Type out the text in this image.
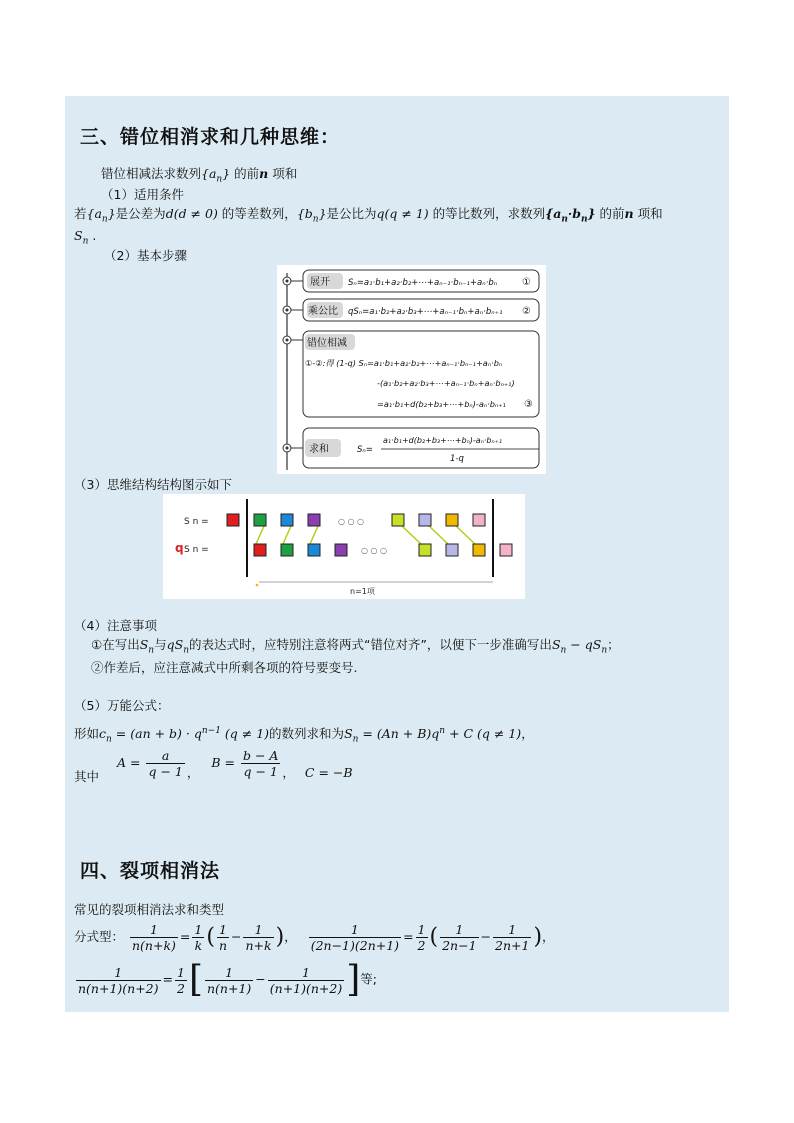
三、错位相消求和几种思维：
错位相减法求数列$\{a_n\}$ 的前n 项和
（1）适用条件
若$\{a_n\}$是公差为d(d ≠ 0) 的等差数列，$\{b_n\}$是公比为q(q ≠ 1) 的等比数列，求数列$\{a_n\cdot b_n\}$ 的前n 项和
$S_n$ .
（2）基本步骤
展开 Sₙ=a₁·b₁+a₂·b₂+⋯+aₙ₋₁·bₙ₋₁+aₙ·bₙ ①
乘公比 qSₙ=a₁·b₂+a₂·b₃+⋯+aₙ₋₁·bₙ+aₙ·bₙ₊₁ ②
错位相减
①-②:得 (1-q) Sₙ=a₁·b₁+a₂·b₂+⋯+aₙ₋₁·bₙ₋₁+aₙ·bₙ
-(a₁·b₂+a₂·b₃+⋯+aₙ₋₁·bₙ+aₙ·bₙ₊₁)
=a₁·b₁+d(b₂+b₃+⋯+bₙ)-aₙ·bₙ₊₁ ③
求和	Sₙ=
a₁·b₁+d(b₂+b₃+⋯+bₙ)-aₙ·bₙ₊₁
1-q
（3）思维结构结构图示如下
S n =
q S n =
○ ○ ○
○ ○ ○
n=1项
（4）注意事项
①在写出$S_n$与$qS_n$的表达式时，应特别注意将两式“错位对齐”，以便下一步准确写出$S_n - qS_n$；
②作差后，应注意减式中所剩各项的符号要变号.
（5）万能公式：
形如$c_n = (an + b) \cdot q^{n-1}$ (q ≠ 1)的数列求和为$S_n = (An + B)q^n + C$ (q ≠ 1)，
其中 $A = \frac{a}{q - 1}$ ， $B = \frac{b - A}{q - 1}$ ， C = −B
四、裂项相消法
常见的裂项相消法求和类型
分式型： $\frac{1}{n(n+k)} = \frac{1}{k}$ ( $\frac{1}{n} - \frac{1}{n+k}$ )， $\frac{1}{(2n-1)(2n+1)} = \frac{1}{2}$ ( $\frac{1}{2n-1} - \frac{1}{2n+1}$ )，
$\frac{1}{n(n+1)(n+2)} = \frac{1}{2}$ [ $\frac{1}{n(n+1)} - \frac{1}{(n+1)(n+2)}$ ]等;
